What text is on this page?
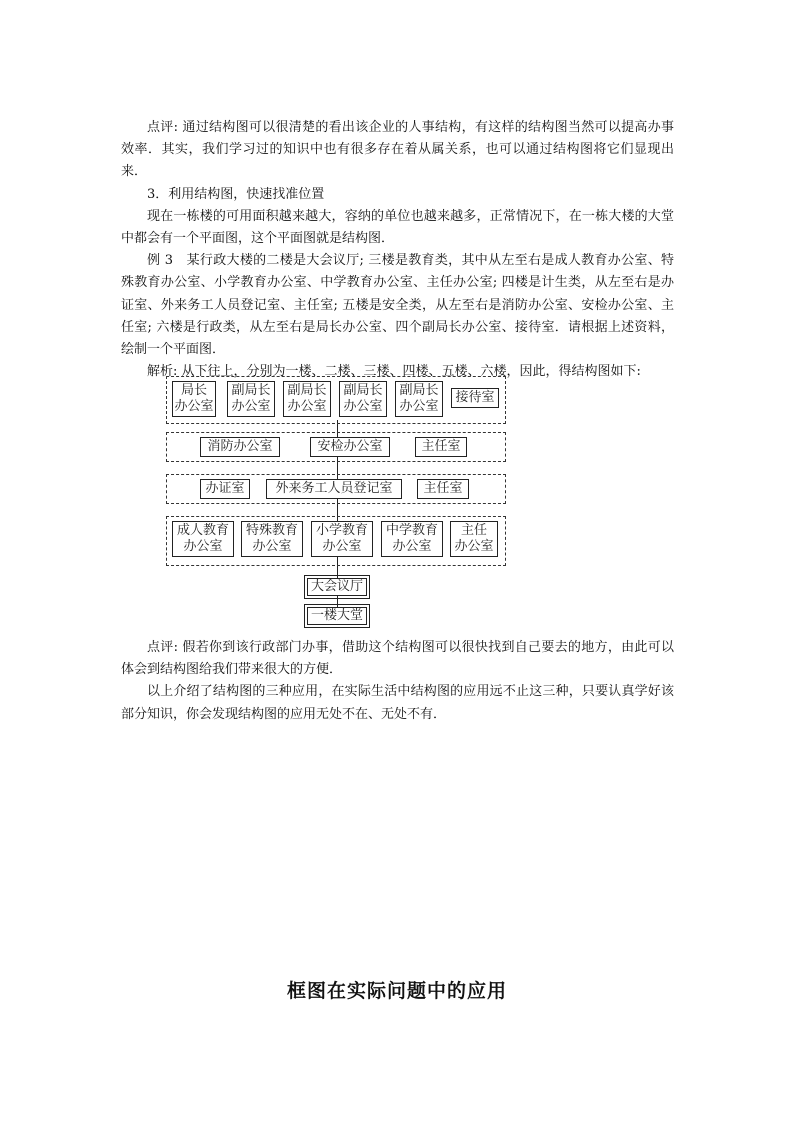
点评: 通过结构图可以很清楚的看出该企业的人事结构，有这样的结构图当然可以提高办事效率．其实，我们学习过的知识中也有很多存在着从属关系，也可以通过结构图将它们显现出来．

3．利用结构图，快速找准位置

现在一栋楼的可用面积越来越大，容纳的单位也越来越多，正常情况下，在一栋大楼的大堂中都会有一个平面图，这个平面图就是结构图．

例 3　某行政大楼的二楼是大会议厅; 三楼是教育类，其中从左至右是成人教育办公室、特殊教育办公室、小学教育办公室、中学教育办公室、主任办公室; 四楼是计生类，从左至右是办证室、外来务工人员登记室、主任室; 五楼是安全类，从左至右是消防办公室、安检办公室、主任室; 六楼是行政类，从左至右是局长办公室、四个副局长办公室、接待室．请根据上述资料，绘制一个平面图．

解析: 从下往上，分别为一楼、二楼、三楼、四楼、五楼、六楼，因此，得结构图如下:

局长
办公室
副局长
办公室
副局长
办公室
副局长
办公室
副局长
办公室
接待室
消防办公室	安检办公室	主任室
办证室 外来务工人员登记室 主任室
成人教育
办公室
特殊教育
办公室
小学教育
办公室
中学教育
办公室
主任
办公室
大会议厅
一楼大堂

点评: 假若你到该行政部门办事，借助这个结构图可以很快找到自己要去的地方，由此可以体会到结构图给我们带来很大的方便．

以上介绍了结构图的三种应用，在实际生活中结构图的应用远不止这三种，只要认真学好该部分知识，你会发现结构图的应用无处不在、无处不有．

框图在实际问题中的应用
